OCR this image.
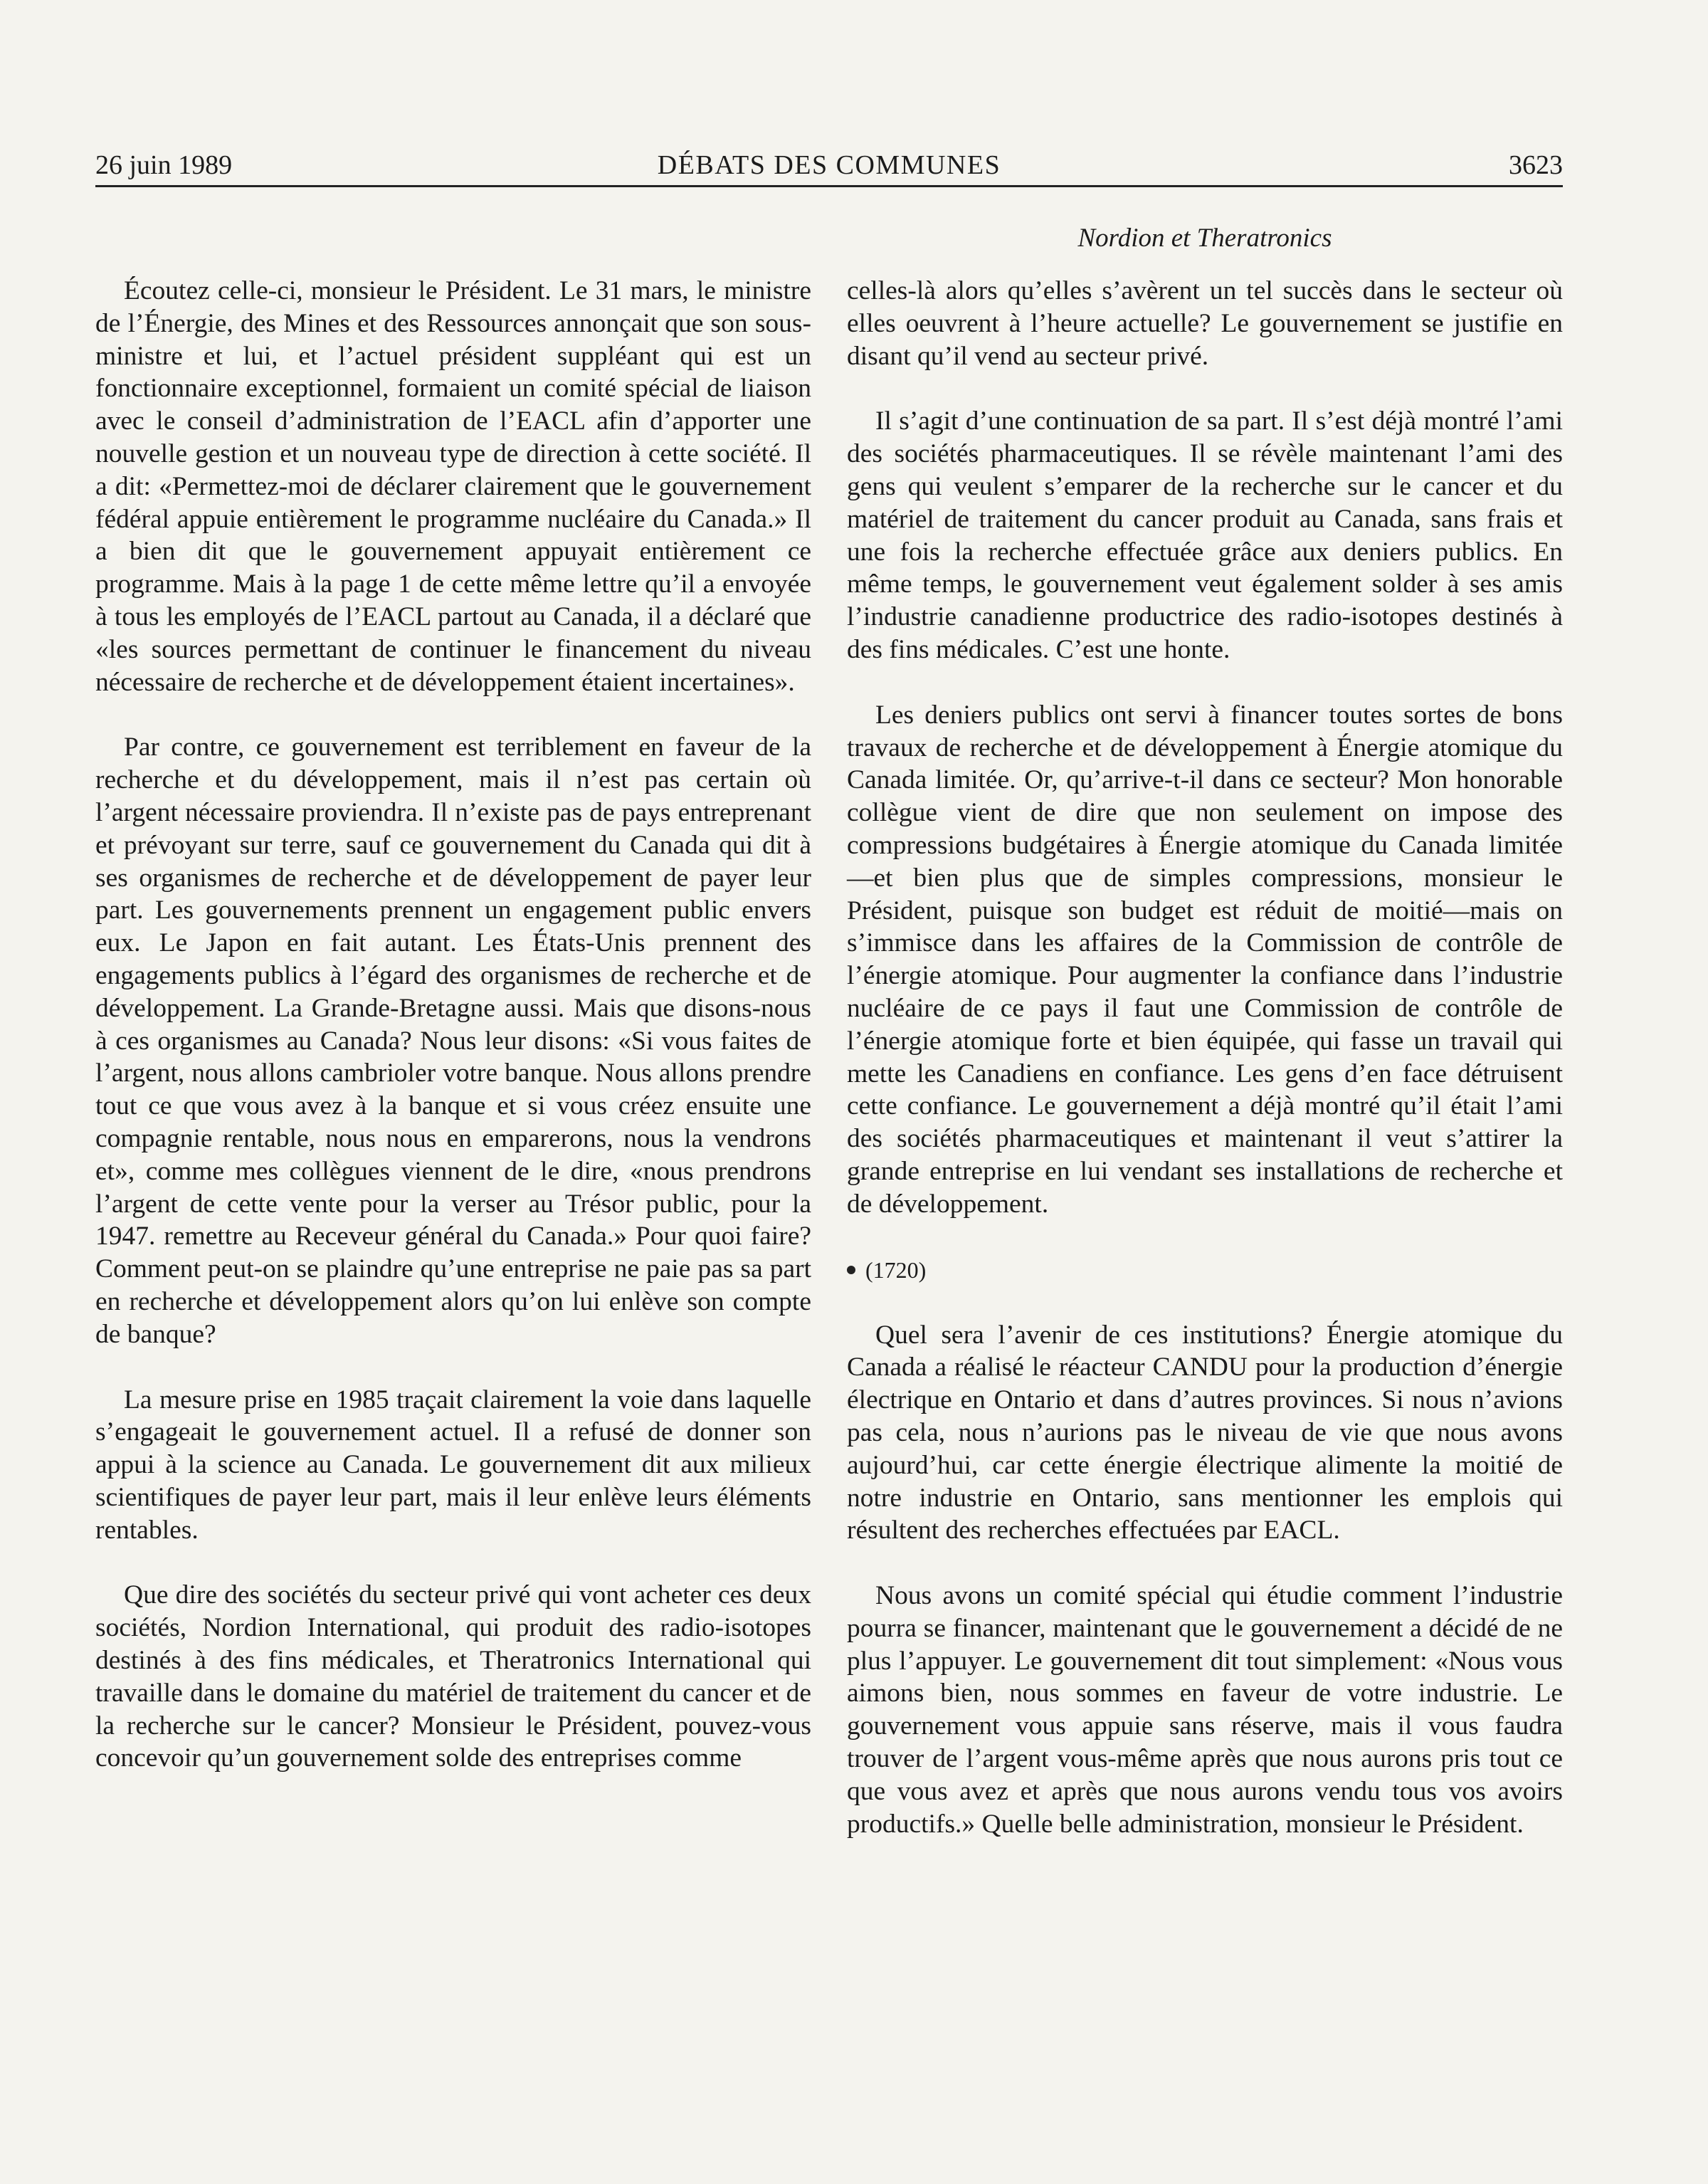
26 juin 1989	DÉBATS DES COMMUNES	3623
Nordion et Theratronics

Écoutez celle-ci, monsieur le Président. Le 31 mars, le ministre de l’Énergie, des Mines et des Ressources annonçait que son sous-ministre et lui, et l’actuel président suppléant qui est un fonctionnaire exceptionnel, formaient un comité spécial de liaison avec le conseil d’administration de l’EACL afin d’apporter une nouvelle gestion et un nouveau type de direction à cette société. Il a dit: «Permettez-moi de déclarer clairement que le gouvernement fédéral appuie entièrement le programme nucléaire du Canada.» Il a bien dit que le gouvernement appuyait entièrement ce programme. Mais à la page 1 de cette même lettre qu’il a envoyée à tous les employés de l’EACL partout au Canada, il a déclaré que «les sources permettant de continuer le financement du niveau nécessaire de recherche et de développement étaient incertaines».

Par contre, ce gouvernement est terriblement en faveur de la recherche et du développement, mais il n’est pas certain où l’argent nécessaire proviendra. Il n’existe pas de pays entreprenant et prévoyant sur terre, sauf ce gouvernement du Canada qui dit à ses organismes de recherche et de développement de payer leur part. Les gouvernements prennent un engagement public envers eux. Le Japon en fait autant. Les États-Unis prennent des engagements publics à l’égard des organismes de recherche et de développement. La Grande-Bretagne aussi. Mais que disons-nous à ces organismes au Canada? Nous leur disons: «Si vous faites de l’argent, nous allons cambrioler votre banque. Nous allons prendre tout ce que vous avez à la banque et si vous créez ensuite une compagnie rentable, nous nous en emparerons, nous la vendrons et», comme mes collègues viennent de le dire, «nous prendrons l’argent de cette vente pour la verser au Trésor public, pour la 1947. remettre au Receveur général du Canada.» Pour quoi faire? Comment peut-on se plaindre qu’une entreprise ne paie pas sa part en recherche et développement alors qu’on lui enlève son compte de banque?

La mesure prise en 1985 traçait clairement la voie dans laquelle s’engageait le gouvernement actuel. Il a refusé de donner son appui à la science au Canada. Le gouvernement dit aux milieux scientifiques de payer leur part, mais il leur enlève leurs éléments rentables.

Que dire des sociétés du secteur privé qui vont acheter ces deux sociétés, Nordion International, qui produit des radio-isotopes destinés à des fins médicales, et Theratronics International qui travaille dans le domaine du matériel de traitement du cancer et de la recherche sur le cancer? Monsieur le Président, pouvez-vous concevoir qu’un gouvernement solde des entreprises comme

celles-là alors qu’elles s’avèrent un tel succès dans le secteur où elles oeuvrent à l’heure actuelle? Le gouvernement se justifie en disant qu’il vend au secteur privé.

Il s’agit d’une continuation de sa part. Il s’est déjà montré l’ami des sociétés pharmaceutiques. Il se révèle maintenant l’ami des gens qui veulent s’emparer de la recherche sur le cancer et du matériel de traitement du cancer produit au Canada, sans frais et une fois la recherche effectuée grâce aux deniers publics. En même temps, le gouvernement veut également solder à ses amis l’industrie canadienne productrice des radio-isotopes destinés à des fins médicales. C’est une honte.

Les deniers publics ont servi à financer toutes sortes de bons travaux de recherche et de développement à Énergie atomique du Canada limitée. Or, qu’arrive-t-il dans ce secteur? Mon honorable collègue vient de dire que non seulement on impose des compressions budgétaires à Énergie atomique du Canada limitée—et bien plus que de simples compressions, monsieur le Président, puisque son budget est réduit de moitié—mais on s’immisce dans les affaires de la Commission de contrôle de l’énergie atomique. Pour augmenter la confiance dans l’industrie nucléaire de ce pays il faut une Commission de contrôle de l’énergie atomique forte et bien équipée, qui fasse un travail qui mette les Canadiens en confiance. Les gens d’en face détruisent cette confiance. Le gouvernement a déjà montré qu’il était l’ami des sociétés pharmaceutiques et maintenant il veut s’attirer la grande entreprise en lui vendant ses installations de recherche et de développement.

(1720)

Quel sera l’avenir de ces institutions? Énergie atomique du Canada a réalisé le réacteur CANDU pour la production d’énergie électrique en Ontario et dans d’autres provinces. Si nous n’avions pas cela, nous n’aurions pas le niveau de vie que nous avons aujourd’hui, car cette énergie électrique alimente la moitié de notre industrie en Ontario, sans mentionner les emplois qui résultent des recherches effectuées par EACL.

Nous avons un comité spécial qui étudie comment l’industrie pourra se financer, maintenant que le gouvernement a décidé de ne plus l’appuyer. Le gouvernement dit tout simplement: «Nous vous aimons bien, nous sommes en faveur de votre industrie. Le gouvernement vous appuie sans réserve, mais il vous faudra trouver de l’argent vous-même après que nous aurons pris tout ce que vous avez et après que nous aurons vendu tous vos avoirs productifs.» Quelle belle administration, monsieur le Président.
